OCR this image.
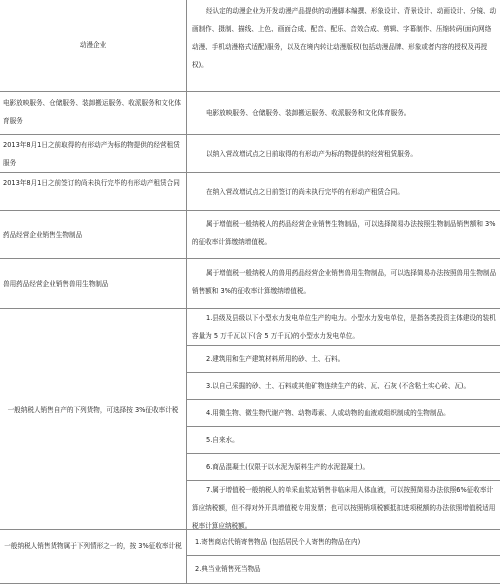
动漫企业
经认定的动漫企业为开发动漫产品提供的动漫脚本编撰、形象设计、背景设计、动画设计、分镜、动画制作、摄制、描线、上色、画面合成、配音、配乐、音效合成、剪辑、字幕制作、压缩转码(面向网络动漫、手机动漫格式适配)服务，以及在境内转让动漫版权(包括动漫品牌、形象或者内容的授权及再授权)。
电影放映服务、仓储服务、装卸搬运服务、收派服务和文化体育服务
电影放映服务、仓储服务、装卸搬运服务、收派服务和文化体育服务。
2013年8月1日之前取得的有形动产为标的物提供的经营租赁服务
以纳入营改增试点之日前取得的有形动产为标的物提供的经营租赁服务。
2013年8月1日之前签订的尚未执行完毕的有形动产租赁合同
在纳入营改增试点之日前签订的尚未执行完毕的有形动产租赁合同。
药品经营企业销售生物制品
属于增值税一般纳税人的药品经营企业销售生物制品，可以选择简易办法按照生物制品销售额和 3%的征收率计算缴纳增值税。
兽用药品经营企业销售兽用生物制品
属于增值税一般纳税人的兽用药品经营企业销售兽用生物制品，可以选择简易办法按照兽用生物制品销售额和 3%的征收率计算缴纳增值税。
一般纳税人销售自产的下列货物，可选择按 3%征收率计税
1.县级及县级以下小型水力发电单位生产的电力。小型水力发电单位，是指各类投资主体建设的装机容量为 5 万千瓦以下(含 5 万千瓦)的小型水力发电单位。
2.建筑用和生产建筑材料所用的砂、土、石料。
3.以自己采掘的砂、土、石料或其他矿物连续生产的砖、瓦、石灰 (不含粘土实心砖、瓦)。
4.用微生物、微生物代谢产物、动物毒素、人或动物的血液或组织制成的生物制品。
5.自来水。
6.商品混凝土(仅限于以水泥为原料生产的水泥混凝土)。
7.属于增值税一般纳税人的单采血浆站销售非临床用人体血液，可以按照简易办法依照6%征收率计算应纳税额，但不得对外开具增值税专用发票；也可以按照销项税额抵扣进项税额的办法依照增值税适用税率计算应纳税额。
一般纳税人销售货物属于下列情形之一的，按 3%征收率计税	1.寄售商店代销寄售物品 (包括居民个人寄售的物品在内)
2.典当业销售死当物品
